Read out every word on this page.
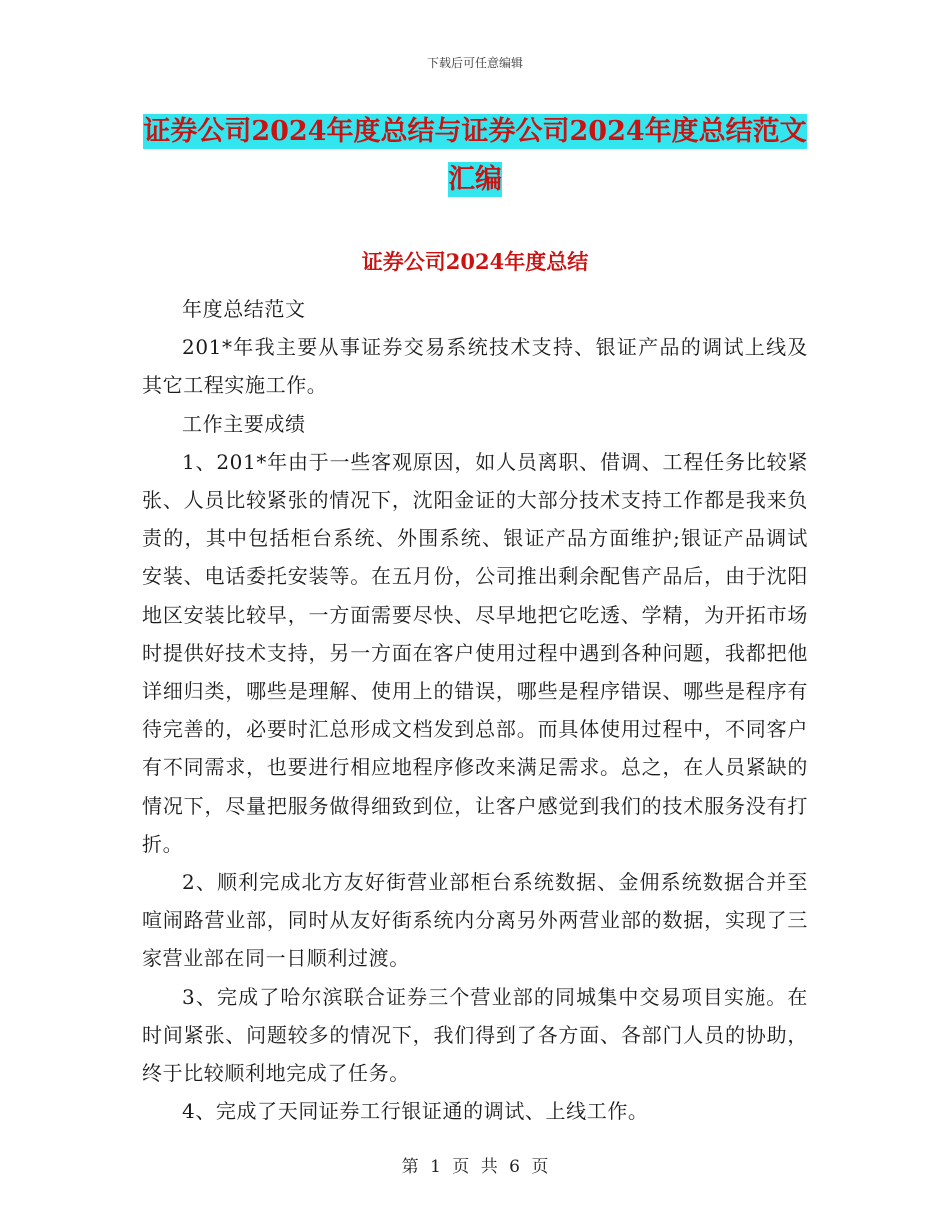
下载后可任意编辑
证券公司2024年度总结与证券公司2024年度总结范文汇编
证券公司2024年度总结

年度总结范文

201*年我主要从事证券交易系统技术支持、银证产品的调试上线及其它工程实施工作。

工作主要成绩

1、201*年由于一些客观原因，如人员离职、借调、工程任务比较紧张、人员比较紧张的情况下，沈阳金证的大部分技术支持工作都是我来负责的，其中包括柜台系统、外围系统、银证产品方面维护;银证产品调试安装、电话委托安装等。在五月份，公司推出剩余配售产品后，由于沈阳地区安装比较早，一方面需要尽快、尽早地把它吃透、学精，为开拓市场时提供好技术支持，另一方面在客户使用过程中遇到各种问题，我都把他详细归类，哪些是理解、使用上的错误，哪些是程序错误、哪些是程序有待完善的，必要时汇总形成文档发到总部。而具体使用过程中，不同客户有不同需求，也要进行相应地程序修改来满足需求。总之，在人员紧缺的情况下，尽量把服务做得细致到位，让客户感觉到我们的技术服务没有打折。

2、顺利完成北方友好街营业部柜台系统数据、金佣系统数据合并至喧闹路营业部，同时从友好街系统内分离另外两营业部的数据，实现了三家营业部在同一日顺利过渡。

3、完成了哈尔滨联合证券三个营业部的同城集中交易项目实施。在时间紧张、问题较多的情况下，我们得到了各方面、各部门人员的协助，终于比较顺利地完成了任务。

4、完成了天同证券工行银证通的调试、上线工作。

第 1 页 共 6 页
